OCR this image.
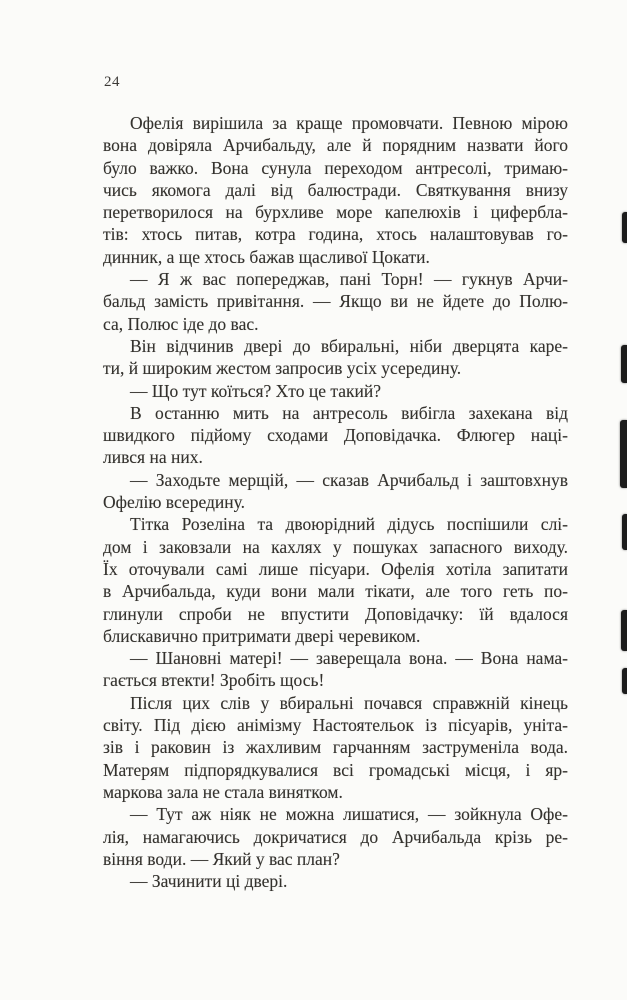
24
Офелія вирішила за краще промовчати. Певною мірою
вона довіряла Арчибальду, але й порядним назвати його
було важко. Вона сунула переходом антресолі, тримаю-
чись якомога далі від балюстради. Святкування внизу
перетворилося на бурхливе море капелюхів і цифербла-
тів: хтось питав, котра година, хтось налаштовував го-
динник, а ще хтось бажав щасливої Цокати.
— Я ж вас попереджав, пані Торн! — гукнув Арчи-
бальд замість привітання. — Якщо ви не йдете до Полю-
са, Полюс іде до вас.
Він відчинив двері до вбиральні, ніби дверцята каре-
ти, й широким жестом запросив усіх усередину.
— Що тут коїться? Хто це такий?
В останню мить на антресоль вибігла захекана від
швидкого підйому сходами Доповідачка. Флюгер наці-
лився на них.
— Заходьте мерщій, — сказав Арчибальд і заштовхнув
Офелію всередину.
Тітка Розеліна та двоюрідний дідусь поспішили слі-
дом і заковзали на кахлях у пошуках запасного виходу.
Їх оточували самі лише пісуари. Офелія хотіла запитати
в Арчибальда, куди вони мали тікати, але того геть по-
глинули спроби не впустити Доповідачку: їй вдалося
блискавично притримати двері черевиком.
— Шановні матері! — заверещала вона. — Вона нама-
гається втекти! Зробіть щось!
Після цих слів у вбиральні почався справжній кінець
світу. Під дією анімізму Настоятельок із пісуарів, уніта-
зів і раковин із жахливим гарчанням заструменіла вода.
Матерям підпорядкувалися всі громадські місця, і яр-
маркова зала не стала винятком.
— Тут аж ніяк не можна лишатися, — зойкнула Офе-
лія, намагаючись докричатися до Арчибальда крізь ре-
віння води. — Який у вас план?
— Зачинити ці двері.
